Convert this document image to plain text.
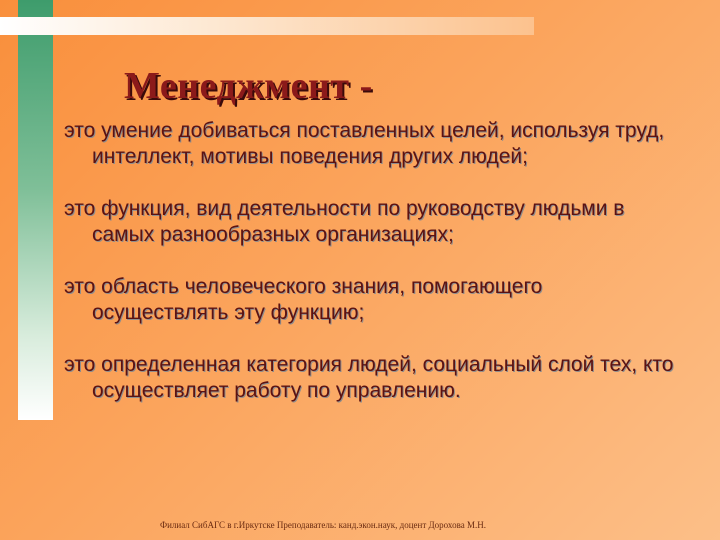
Менеджмент -

это умение добиваться поставленных целей, используя труд, интеллект, мотивы поведения других людей;

это функция, вид деятельности по руководству людьми в самых разнообразных организациях;

это область человеческого знания, помогающего осуществлять эту функцию;

это определенная категория людей, социальный слой тех, кто осуществляет работу по управлению.

Филиал СибАГС в г.Иркутске Преподаватель: канд.экон.наук, доцент Дорохова М.Н.
